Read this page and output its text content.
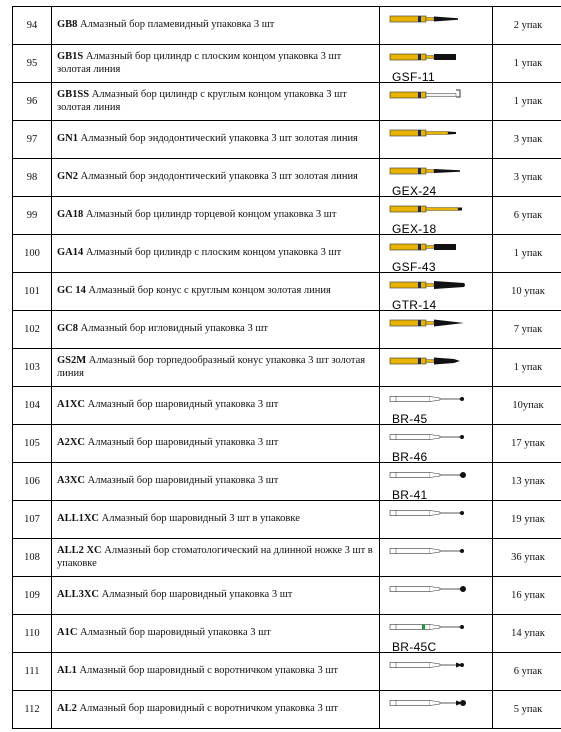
94	GB8 Алмазный бор пламевидный упаковка 3 шт		2 упак
95	GB1S Алмазный бор цилиндр с плоским концом упаковка 3 шт золотая линия	GSF-11	1 упак
96	GB1SS Алмазный бор цилиндр с круглым концом упаковка 3 шт золотая линия		1 упак
97	GN1 Алмазный бор эндодонтический упаковка 3 шт золотая линия		3 упак
98	GN2 Алмазный бор эндодонтический упаковка 3 шт золотая линия	GEX-24	3 упак
99	GA18 Алмазный бор цилиндр торцевой концом упаковка 3 шт	GEX-18	6 упак
100	GA14 Алмазный бор цилиндр с плоским концом упаковка 3 шт	GSF-43	1 упак
101	GC 14 Алмазный бор конус с круглым концом золотая линия	GTR-14	10 упак
102	GC8 Алмазный бор игловидный упаковка 3 шт		7 упак
103	GS2M Алмазный бор торпедообразный конус упаковка 3 шт золотая линия		1 упак
104	A1XC Алмазный бор шаровидный упаковка 3 шт	BR-45	10упак
105	A2XC Алмазный бор шаровидный упаковка 3 шт	BR-46	17 упак
106	A3XC Алмазный бор шаровидный упаковка 3 шт	BR-41	13 упак
107	ALL1XC Алмазный бор шаровидный 3 шт в упаковке		19 упак
108	ALL2 XC Алмазный бор стоматологический на длинной ножке 3 шт в упаковке		36 упак
109	ALL3XC Алмазный бор шаровидный упаковка 3 шт		16 упак
110	A1C Алмазный бор шаровидный упаковка 3 шт	BR-45C	14 упак
111	AL1 Алмазный бор шаровидный с воротничком упаковка 3 шт		6 упак
112	AL2 Алмазный бор шаровидный с воротничком упаковка 3 шт		5 упак
